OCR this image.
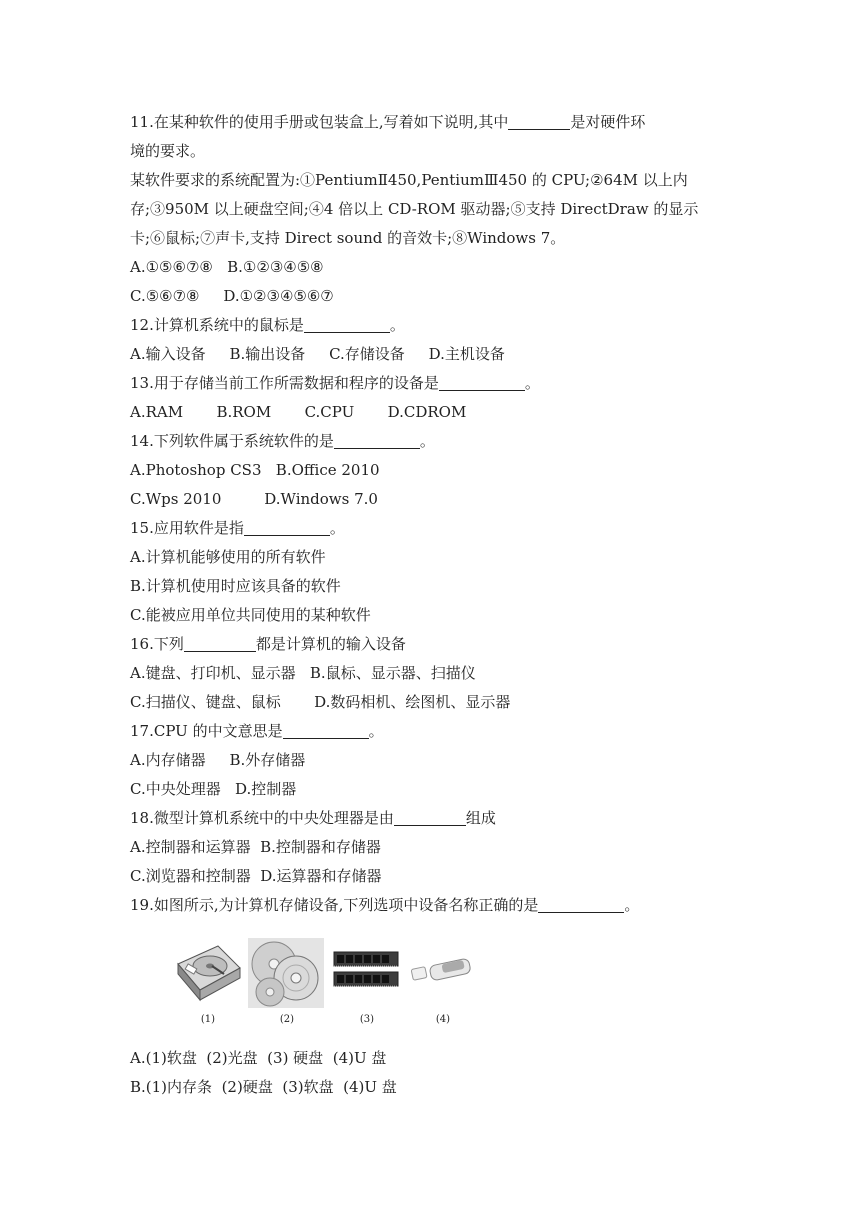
11.在某种软件的使用手册或包装盒上,写着如下说明,其中	是对硬件环
境的要求。
某软件要求的系统配置为:①PentiumⅡ450,PentiumⅢ450 的 CPU;②64M 以上内
存;③950M 以上硬盘空间;④4 倍以上 CD-ROM 驱动器;⑤支持 DirectDraw 的显示
卡;⑥鼠标;⑦声卡,支持 Direct sound 的音效卡;⑧Windows 7。
A.①⑤⑥⑦⑧   B.①②③④⑤⑧
C.⑤⑥⑦⑧     D.①②③④⑤⑥⑦
12.计算机系统中的鼠标是	。
A.输入设备     B.输出设备     C.存储设备     D.主机设备
13.用于存储当前工作所需数据和程序的设备是	。
A.RAM       B.ROM       C.CPU       D.CDROM
14.下列软件属于系统软件的是	。
A.Photoshop CS3   B.Office 2010
C.Wps 2010         D.Windows 7.0
15.应用软件是指	。
A.计算机能够使用的所有软件
B.计算机使用时应该具备的软件
C.能被应用单位共同使用的某种软件
16.下列	都是计算机的输入设备
A.键盘、打印机、显示器   B.鼠标、显示器、扫描仪
C.扫描仪、键盘、鼠标       D.数码相机、绘图机、显示器
17.CPU 的中文意思是	。
A.内存储器     B.外存储器
C.中央处理器   D.控制器
18.微型计算机系统中的中央处理器是由	组成
A.控制器和运算器  B.控制器和存储器
C.浏览器和控制器  D.运算器和存储器
19.如图所示,为计算机存储设备,下列选项中设备名称正确的是	。
(1)	(2)	(3)	(4)
A.(1)软盘  (2)光盘  (3) 硬盘  (4)U 盘
B.(1)内存条  (2)硬盘  (3)软盘  (4)U 盘
